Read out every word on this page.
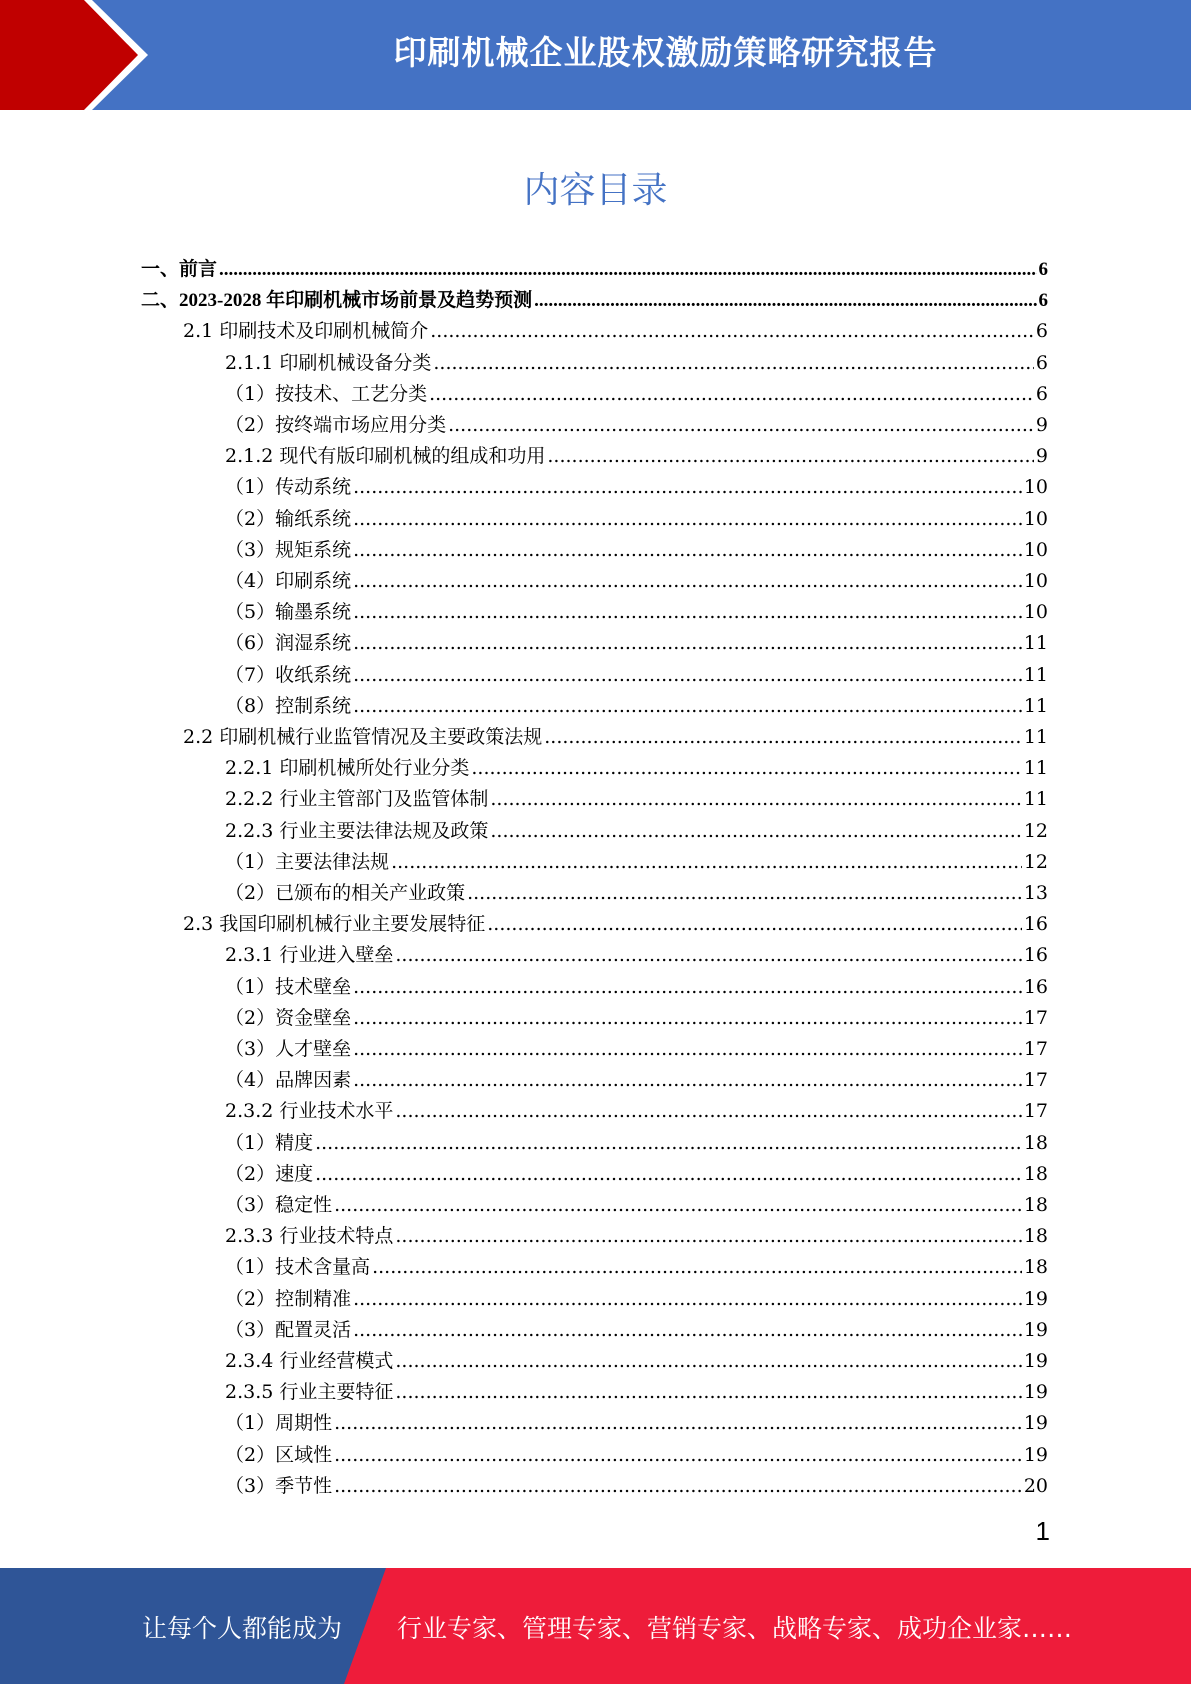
印刷机械企业股权激励策略研究报告
内容目录
一、前言 .....	6
二、2023-2028 年印刷机械市场前景及趋势预测 .....	6
2.1 印刷技术及印刷机械简介 .....	6
2.1.1 印刷机械设备分类 .....	6
（1）按技术、工艺分类 .....	6
（2）按终端市场应用分类 .....	9
2.1.2 现代有版印刷机械的组成和功用 .....	9
（1）传动系统 .....	10
（2）输纸系统 .....	10
（3）规矩系统 .....	10
（4）印刷系统 .....	10
（5）输墨系统 .....	10
（6）润湿系统 .....	11
（7）收纸系统 .....	11
（8）控制系统 .....	11
2.2 印刷机械行业监管情况及主要政策法规 .....	11
2.2.1 印刷机械所处行业分类 .....	11
2.2.2 行业主管部门及监管体制 .....	11
2.2.3 行业主要法律法规及政策 .....	12
（1）主要法律法规 .....	12
（2）已颁布的相关产业政策 .....	13
2.3 我国印刷机械行业主要发展特征 .....	16
2.3.1 行业进入壁垒 .....	16
（1）技术壁垒 .....	16
（2）资金壁垒 .....	17
（3）人才壁垒 .....	17
（4）品牌因素 .....	17
2.3.2 行业技术水平 .....	17
（1）精度 .....	18
（2）速度 .....	18
（3）稳定性 .....	18
2.3.3 行业技术特点 .....	18
（1）技术含量高 .....	18
（2）控制精准 .....	19
（3）配置灵活 .....	19
2.3.4 行业经营模式 .....	19
2.3.5 行业主要特征 .....	19
（1）周期性 .....	19
（2）区域性 .....	19
（3）季节性 .....	20
1
让每个人都能成为 行业专家、管理专家、营销专家、战略专家、成功企业家……
